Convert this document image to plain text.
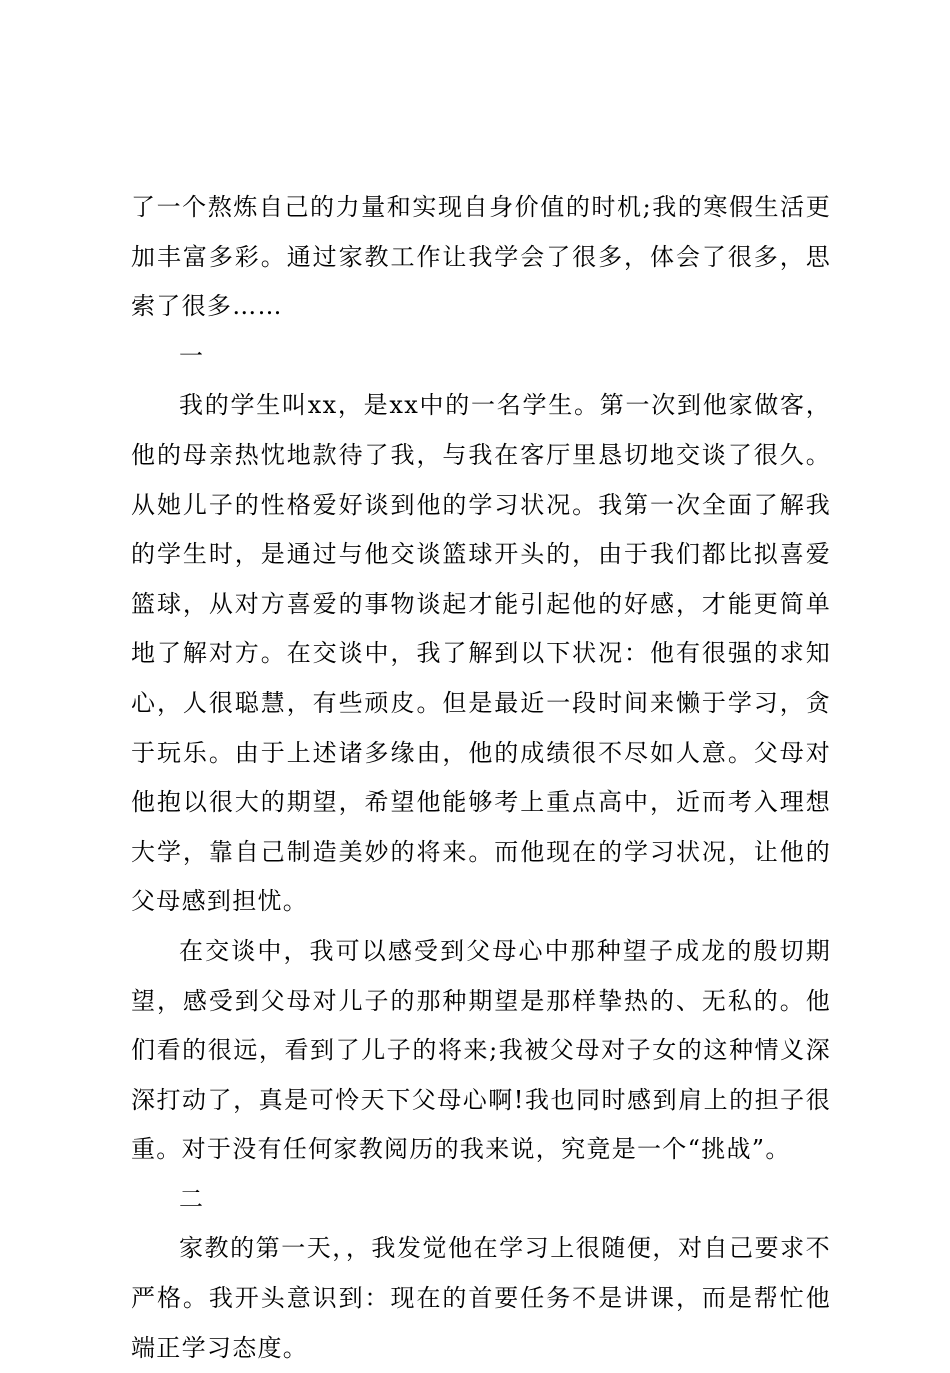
了一个熬炼自己的力量和实现自身价值的时机;我的寒假生活更加丰富多彩。通过家教工作让我学会了很多，体会了很多，思索了很多……

一

我的学生叫xx，是xx中的一名学生。第一次到他家做客，他的母亲热忱地款待了我，与我在客厅里恳切地交谈了很久。从她儿子的性格爱好谈到他的学习状况。我第一次全面了解我的学生时，是通过与他交谈篮球开头的，由于我们都比拟喜爱篮球，从对方喜爱的事物谈起才能引起他的好感，才能更简单地了解对方。在交谈中，我了解到以下状况：他有很强的求知心，人很聪慧，有些顽皮。但是最近一段时间来懒于学习，贪于玩乐。由于上述诸多缘由，他的成绩很不尽如人意。父母对他抱以很大的期望，希望他能够考上重点高中，近而考入理想大学，靠自己制造美妙的将来。而他现在的学习状况，让他的父母感到担忧。

在交谈中，我可以感受到父母心中那种望子成龙的殷切期望，感受到父母对儿子的那种期望是那样挚热的、无私的。他们看的很远，看到了儿子的将来;我被父母对子女的这种情义深深打动了，真是可怜天下父母心啊!我也同时感到肩上的担子很重。对于没有任何家教阅历的我来说，究竟是一个“挑战”。

二

家教的第一天，，我发觉他在学习上很随便，对自己要求不严格。我开头意识到：现在的首要任务不是讲课，而是帮忙他端正学习态度。
